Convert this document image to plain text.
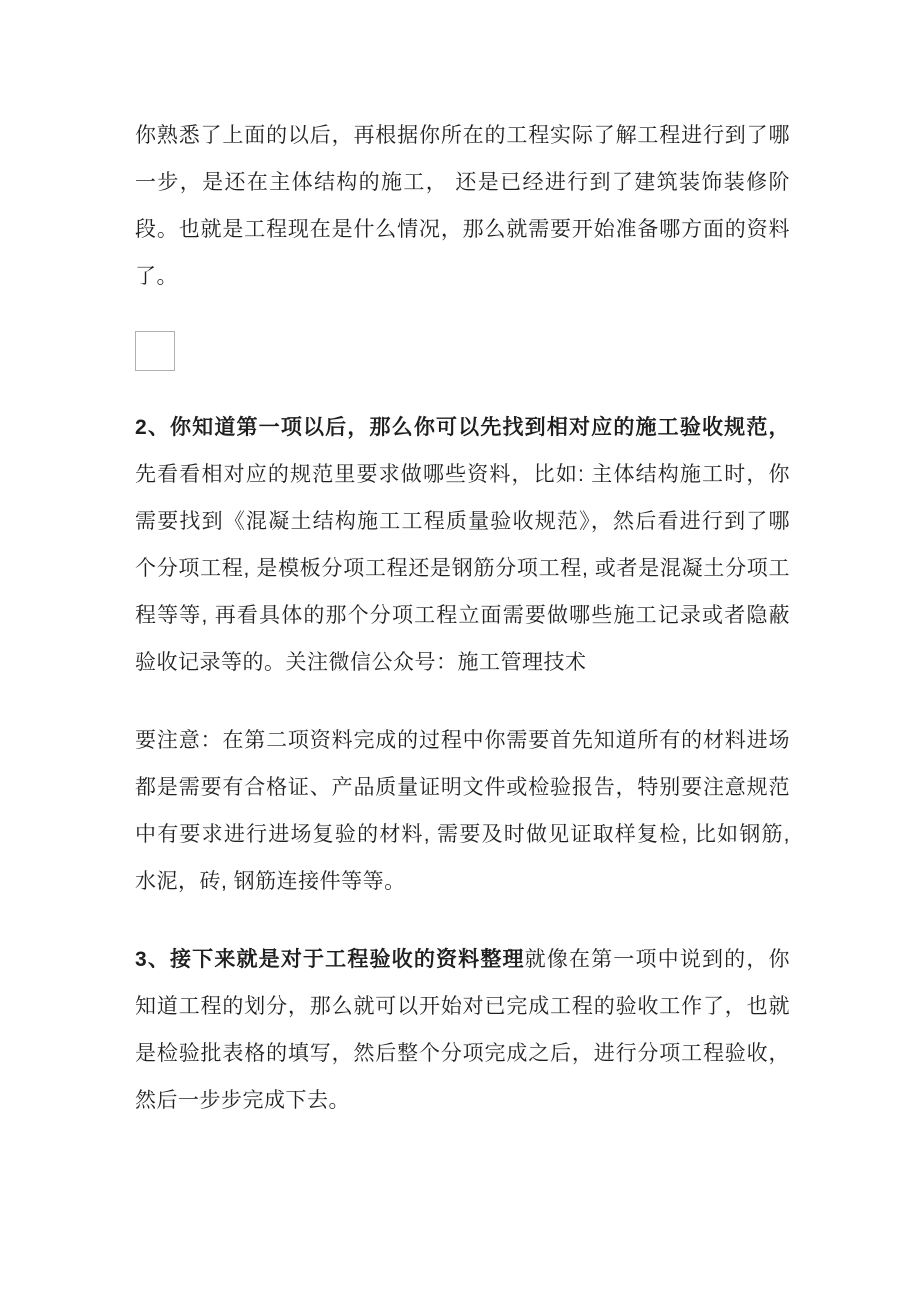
你熟悉了上面的以后，再根据你所在的工程实际了解工程进行到了哪一步，是还在主体结构的施工， 还是已经进行到了建筑装饰装修阶段。也就是工程现在是什么情况，那么就需要开始准备哪方面的资料了。

2、你知道第一项以后，那么你可以先找到相对应的施工验收规范，先看看相对应的规范里要求做哪些资料，比如: 主体结构施工时，你需要找到《混凝土结构施工工程质量验收规范》，然后看进行到了哪个分项工程, 是模板分项工程还是钢筋分项工程, 或者是混凝土分项工程等等, 再看具体的那个分项工程立面需要做哪些施工记录或者隐蔽验收记录等的。关注微信公众号：施工管理技术

要注意：在第二项资料完成的过程中你需要首先知道所有的材料进场都是需要有合格证、产品质量证明文件或检验报告，特别要注意规范中有要求进行进场复验的材料, 需要及时做见证取样复检, 比如钢筋, 水泥，砖, 钢筋连接件等等。

3、接下来就是对于工程验收的资料整理就像在第一项中说到的，你知道工程的划分，那么就可以开始对已完成工程的验收工作了，也就是检验批表格的填写，然后整个分项完成之后，进行分项工程验收，然后一步步完成下去。
